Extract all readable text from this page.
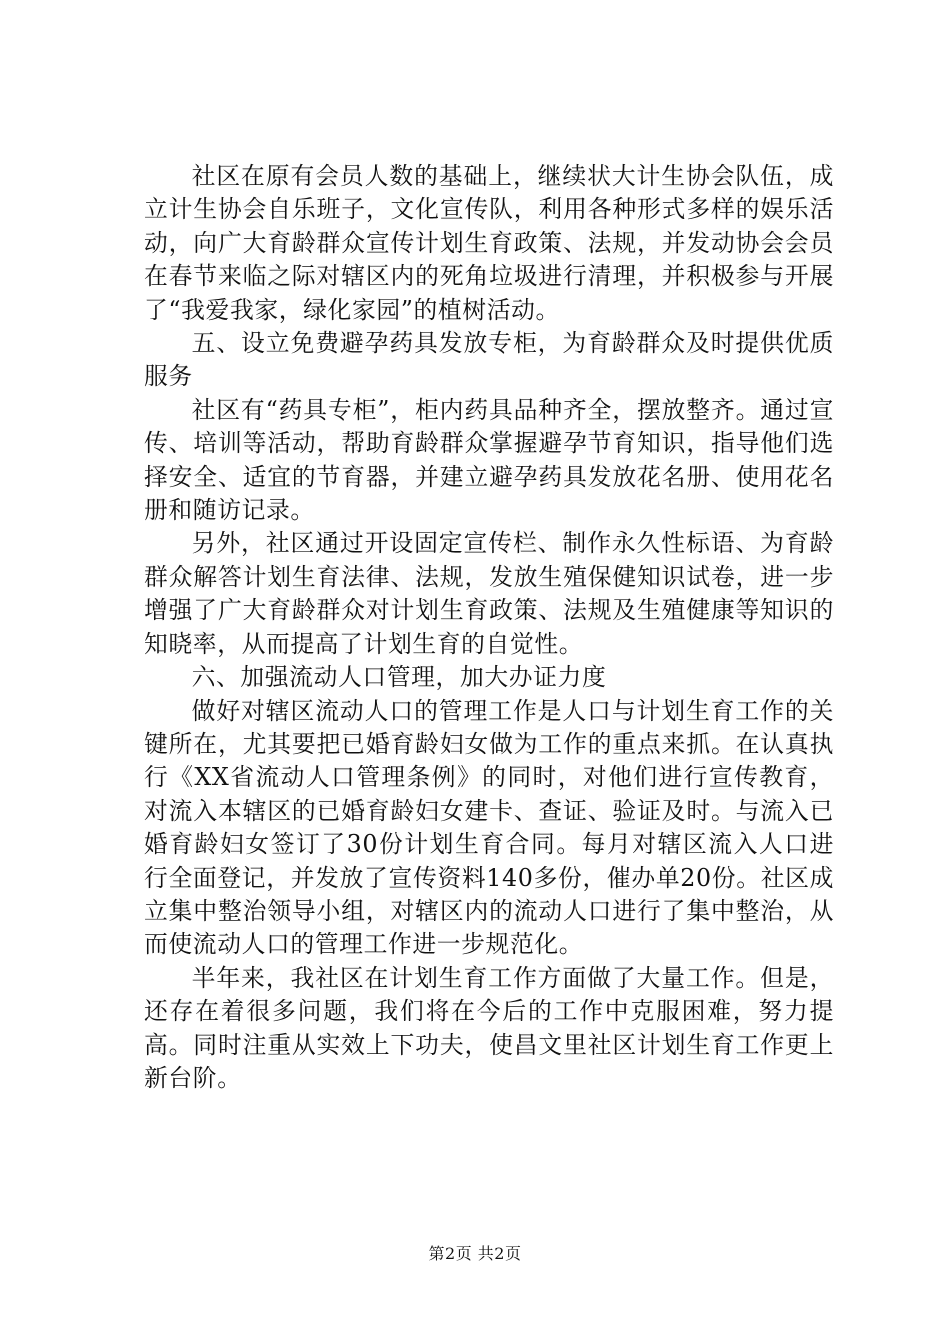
社区在原有会员人数的基础上，继续状大计生协会队伍，成立计生协会自乐班子，文化宣传队，利用各种形式多样的娱乐活动，向广大育龄群众宣传计划生育政策、法规，并发动协会会员在春节来临之际对辖区内的死角垃圾进行清理，并积极参与开展了“我爱我家，绿化家园”的植树活动。

五、设立免费避孕药具发放专柜，为育龄群众及时提供优质服务

社区有“药具专柜”，柜内药具品种齐全，摆放整齐。通过宣传、培训等活动，帮助育龄群众掌握避孕节育知识，指导他们选择安全、适宜的节育器，并建立避孕药具发放花名册、使用花名册和随访记录。

另外，社区通过开设固定宣传栏、制作永久性标语、为育龄群众解答计划生育法律、法规，发放生殖保健知识试卷，进一步增强了广大育龄群众对计划生育政策、法规及生殖健康等知识的知晓率，从而提高了计划生育的自觉性。

六、加强流动人口管理，加大办证力度

做好对辖区流动人口的管理工作是人口与计划生育工作的关键所在，尤其要把已婚育龄妇女做为工作的重点来抓。在认真执行《XX省流动人口管理条例》的同时，对他们进行宣传教育，对流入本辖区的已婚育龄妇女建卡、查证、验证及时。与流入已婚育龄妇女签订了30份计划生育合同。每月对辖区流入人口进行全面登记，并发放了宣传资料140多份，催办单20份。社区成立集中整治领导小组，对辖区内的流动人口进行了集中整治，从而使流动人口的管理工作进一步规范化。

半年来，我社区在计划生育工作方面做了大量工作。但是，还存在着很多问题，我们将在今后的工作中克服困难，努力提高。同时注重从实效上下功夫，使昌文里社区计划生育工作更上新台阶。

第2页 共2页
